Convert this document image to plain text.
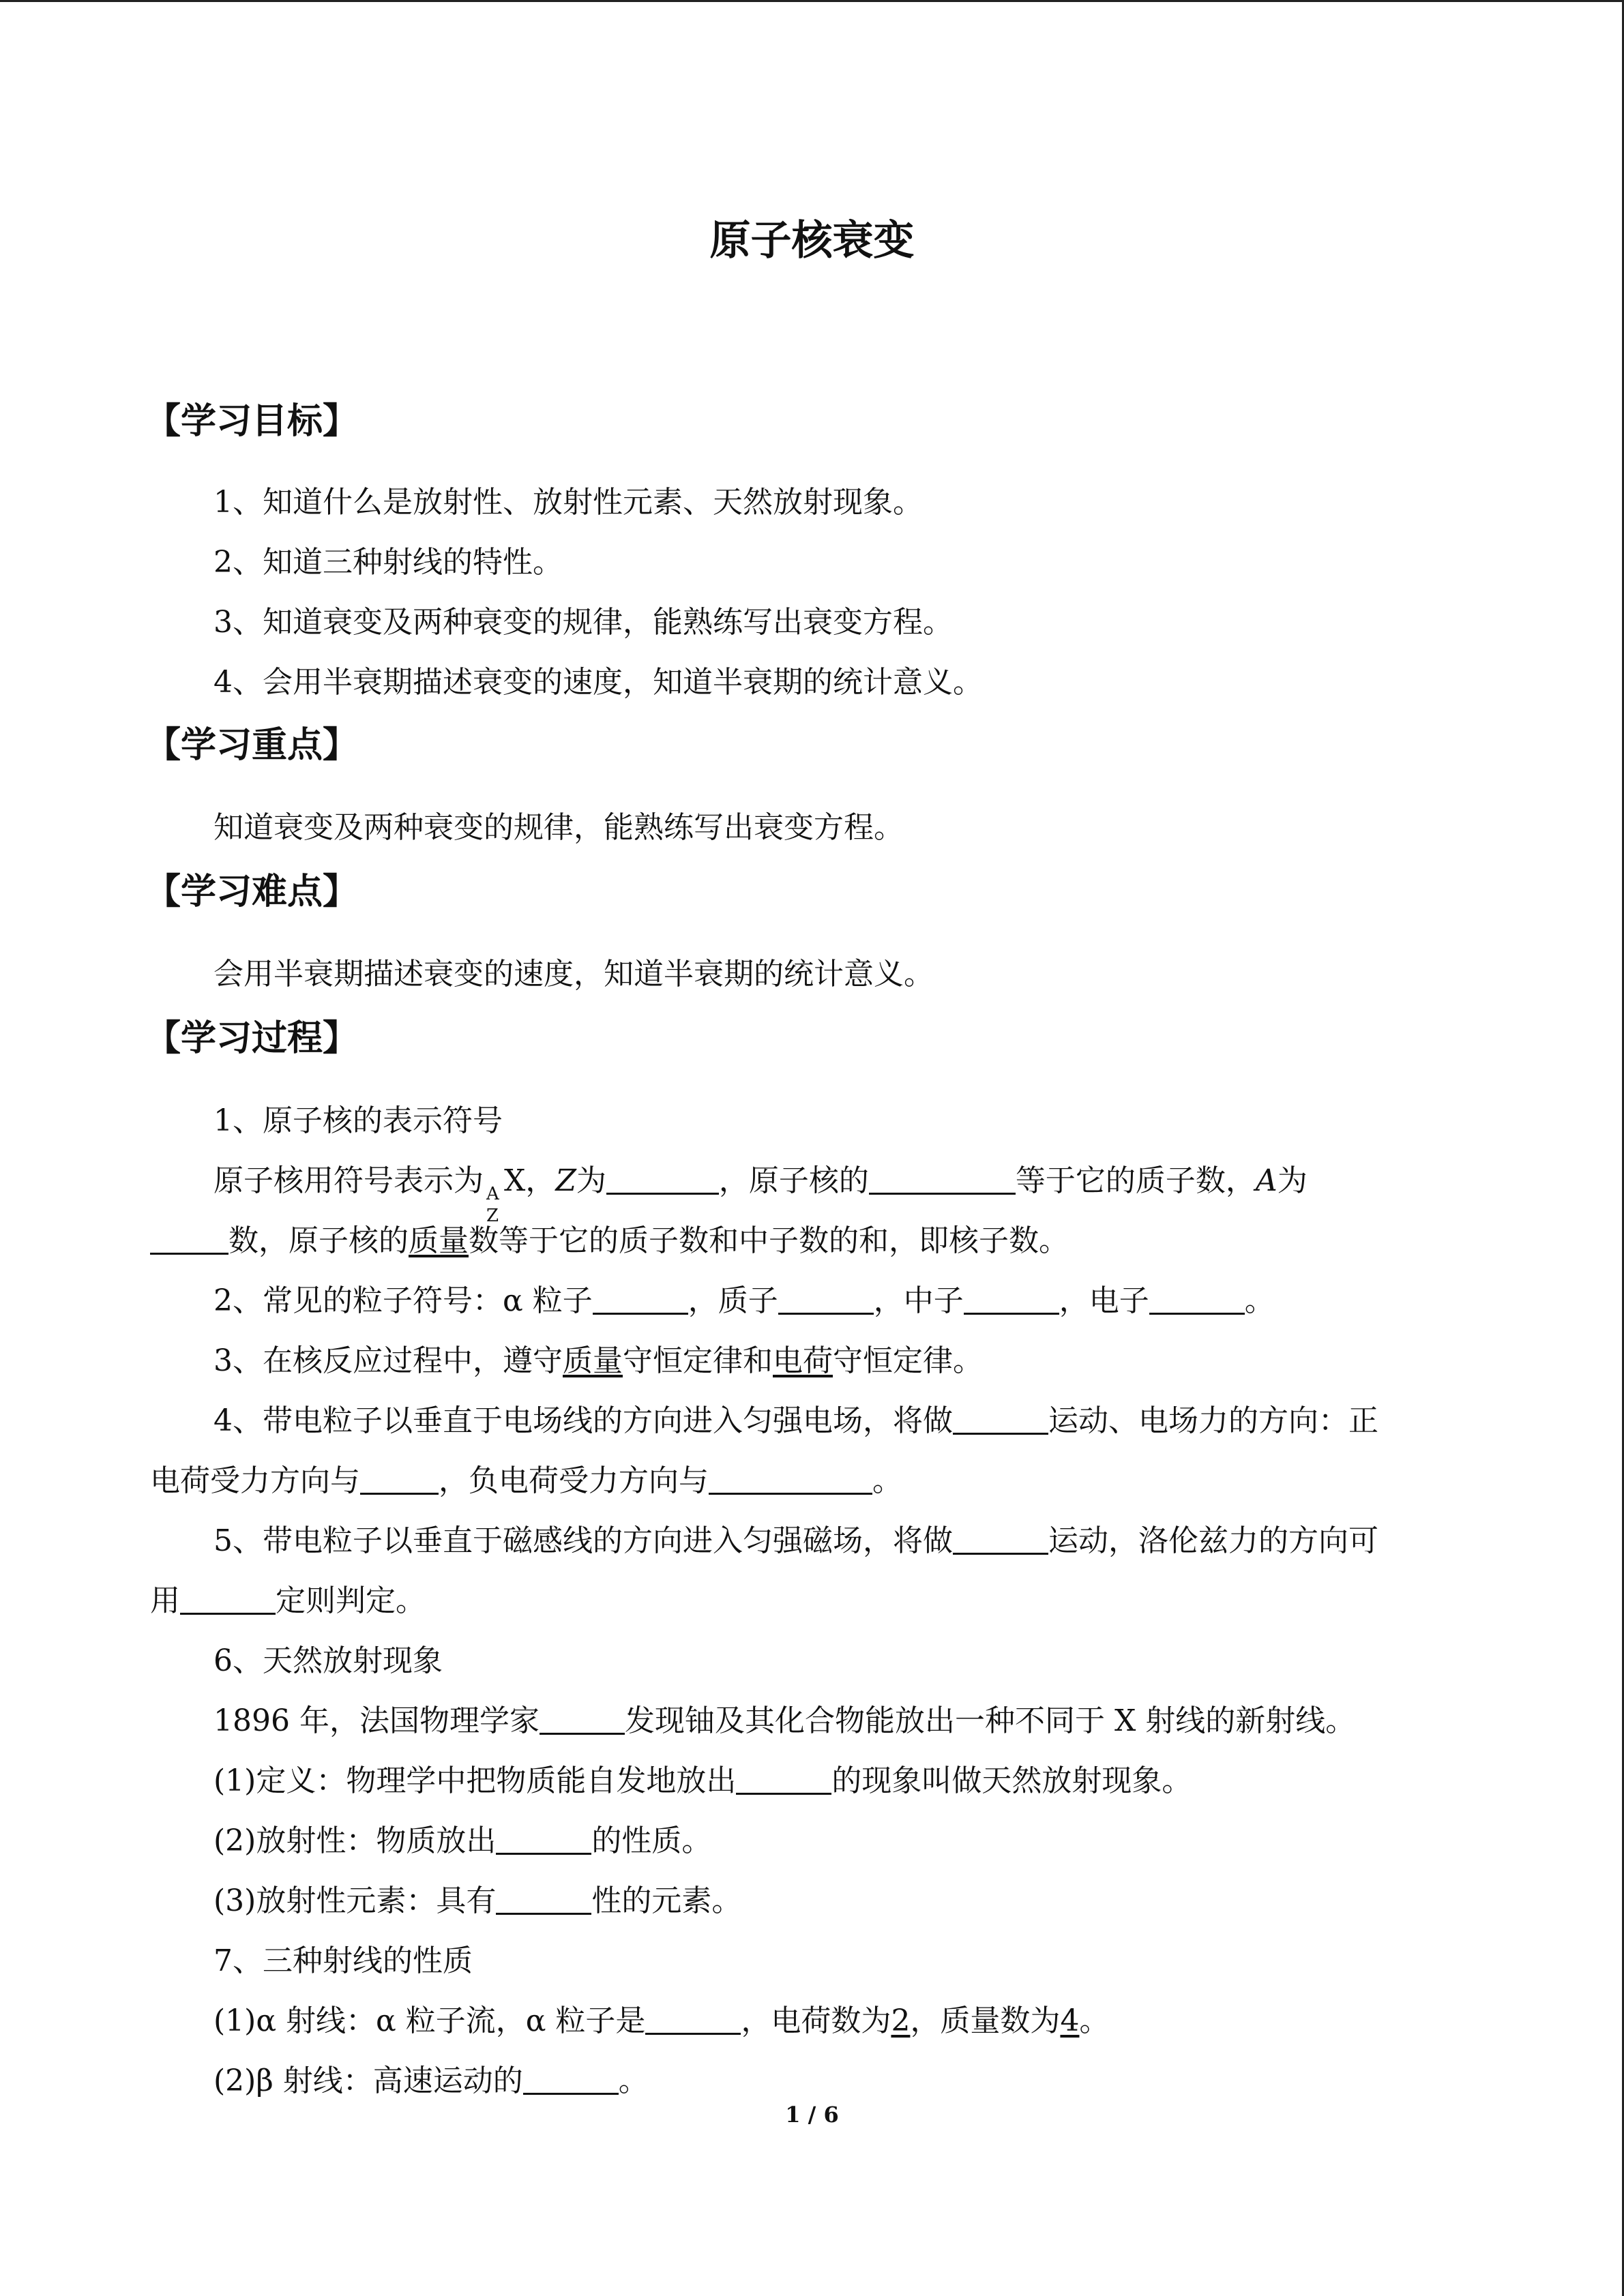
原子核衰变
【学习目标】
1、知道什么是放射性、放射性元素、天然放射现象。
2、知道三种射线的特性。
3、知道衰变及两种衰变的规律，能熟练写出衰变方程。
4、会用半衰期描述衰变的速度，知道半衰期的统计意义。
【学习重点】
知道衰变及两种衰变的规律，能熟练写出衰变方程。
【学习难点】
会用半衰期描述衰变的速度，知道半衰期的统计意义。
【学习过程】
1、原子核的表示符号
原子核用符号表示为 A
Z
X，Z为	，原子核的	等于它的质子数，A为
数，原子核的质量数等于它的质子数和中子数的和，即核子数。
2、常见的粒子符号：α 粒子	，质子	，中子	，电子	。
3、在核反应过程中，遵守质量守恒定律和电荷守恒定律。
4、带电粒子以垂直于电场线的方向进入匀强电场，将做	运动、电场力的方向：正
电荷受力方向与	，负电荷受力方向与	。
5、带电粒子以垂直于磁感线的方向进入匀强磁场，将做	运动，洛伦兹力的方向可
用	定则判定。
6、天然放射现象
1896 年，法国物理学家	发现铀及其化合物能放出一种不同于 X 射线的新射线。
(1)定义：物理学中把物质能自发地放出	的现象叫做天然放射现象。
(2)放射性：物质放出	的性质。
(3)放射性元素：具有	性的元素。
7、三种射线的性质
(1)α 射线：α 粒子流，α 粒子是	，电荷数为2，质量数为4。
(2)β 射线：高速运动的	。
1 / 6
